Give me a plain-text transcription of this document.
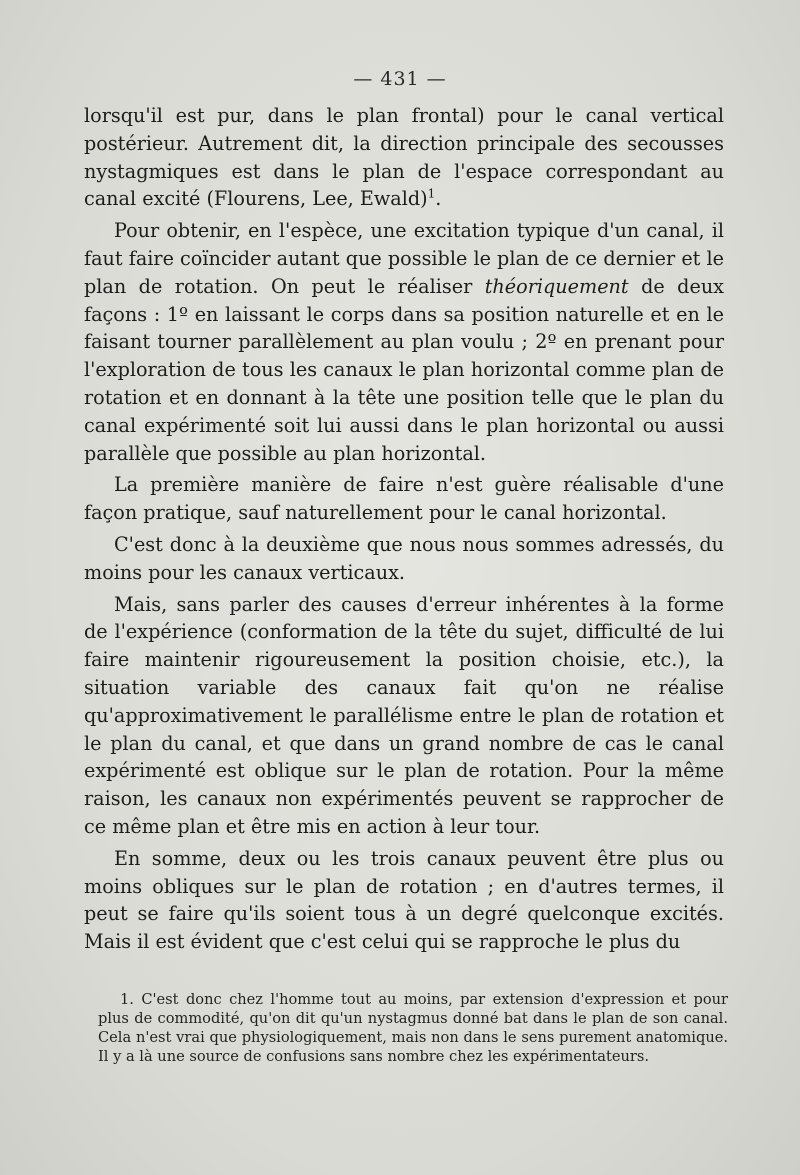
— 431 —

lorsqu'il est pur, dans le plan frontal) pour le canal vertical postérieur. Autrement dit, la direction principale des secousses nystagmiques est dans le plan de l'espace correspondant au canal excité (Flourens, Lee, Ewald)$^1$.

Pour obtenir, en l'espèce, une excitation typique d'un canal, il faut faire coïncider autant que possible le plan de ce dernier et le plan de rotation. On peut le réaliser théoriquement de deux façons : 1º en laissant le corps dans sa position naturelle et en le faisant tourner parallèlement au plan voulu ; 2º en prenant pour l'exploration de tous les canaux le plan horizontal comme plan de rotation et en donnant à la tête une position telle que le plan du canal expérimenté soit lui aussi dans le plan horizontal ou aussi parallèle que possible au plan horizontal.

La première manière de faire n'est guère réalisable d'une façon pratique, sauf naturellement pour le canal horizontal.

C'est donc à la deuxième que nous nous sommes adressés, du moins pour les canaux verticaux.

Mais, sans parler des causes d'erreur inhérentes à la forme de l'expérience (conformation de la tête du sujet, difficulté de lui faire maintenir rigoureusement la position choisie, etc.), la situation variable des canaux fait qu'on ne réalise qu'approximativement le parallélisme entre le plan de rotation et le plan du canal, et que dans un grand nombre de cas le canal expérimenté est oblique sur le plan de rotation. Pour la même raison, les canaux non expérimentés peuvent se rapprocher de ce même plan et être mis en action à leur tour.

En somme, deux ou les trois canaux peuvent être plus ou moins obliques sur le plan de rotation ; en d'autres termes, il peut se faire qu'ils soient tous à un degré quelconque excités. Mais il est évident que c'est celui qui se rapproche le plus du

1. C'est donc chez l'homme tout au moins, par extension d'expression et pour plus de commodité, qu'on dit qu'un nystagmus donné bat dans le plan de son canal. Cela n'est vrai que physiologiquement, mais non dans le sens purement anatomique. Il y a là une source de confusions sans nombre chez les expérimentateurs.
